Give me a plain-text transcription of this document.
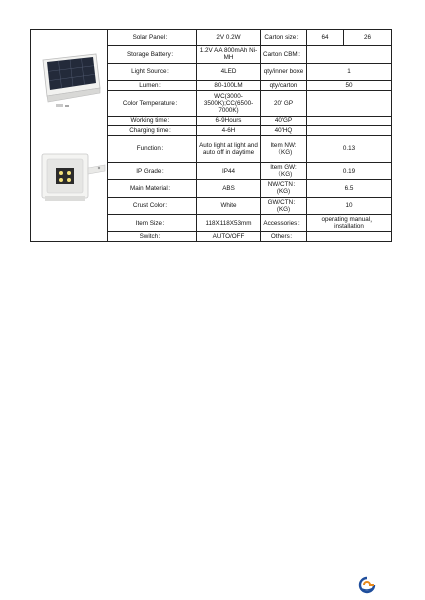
	Solar Panel：	2V 0.2W	Carton size：	64	26
	Storage Battery：	1.2V AA 800mAh Ni-MH	Carton CBM：		
	Light Source：	4LED	qty/inner boxe	1	
	Lumen：	80-100LM	qty/carton	50	
	Color Temperature：	WC(3000-3500K);CC(6500-7000K)	20' GP		
	Working time：	6-9Hours	40'GP		
	Charging time：	4-6H	40'HQ		
	Function：	Auto light at light and auto off in daytime	Item NW:（KG)	0.13	
	IP Grade：	IP44	Item GW:（KG)	0.19	
	Main Material：	ABS	NW/CTN：(KG)	6.5	
	Crust Color：	White	GW/CTN：(KG)	10	
	Item Size：	118X118X53mm	Accessories：	operating manual，installation	
	Switch：	AUTO/OFF	Others：		
